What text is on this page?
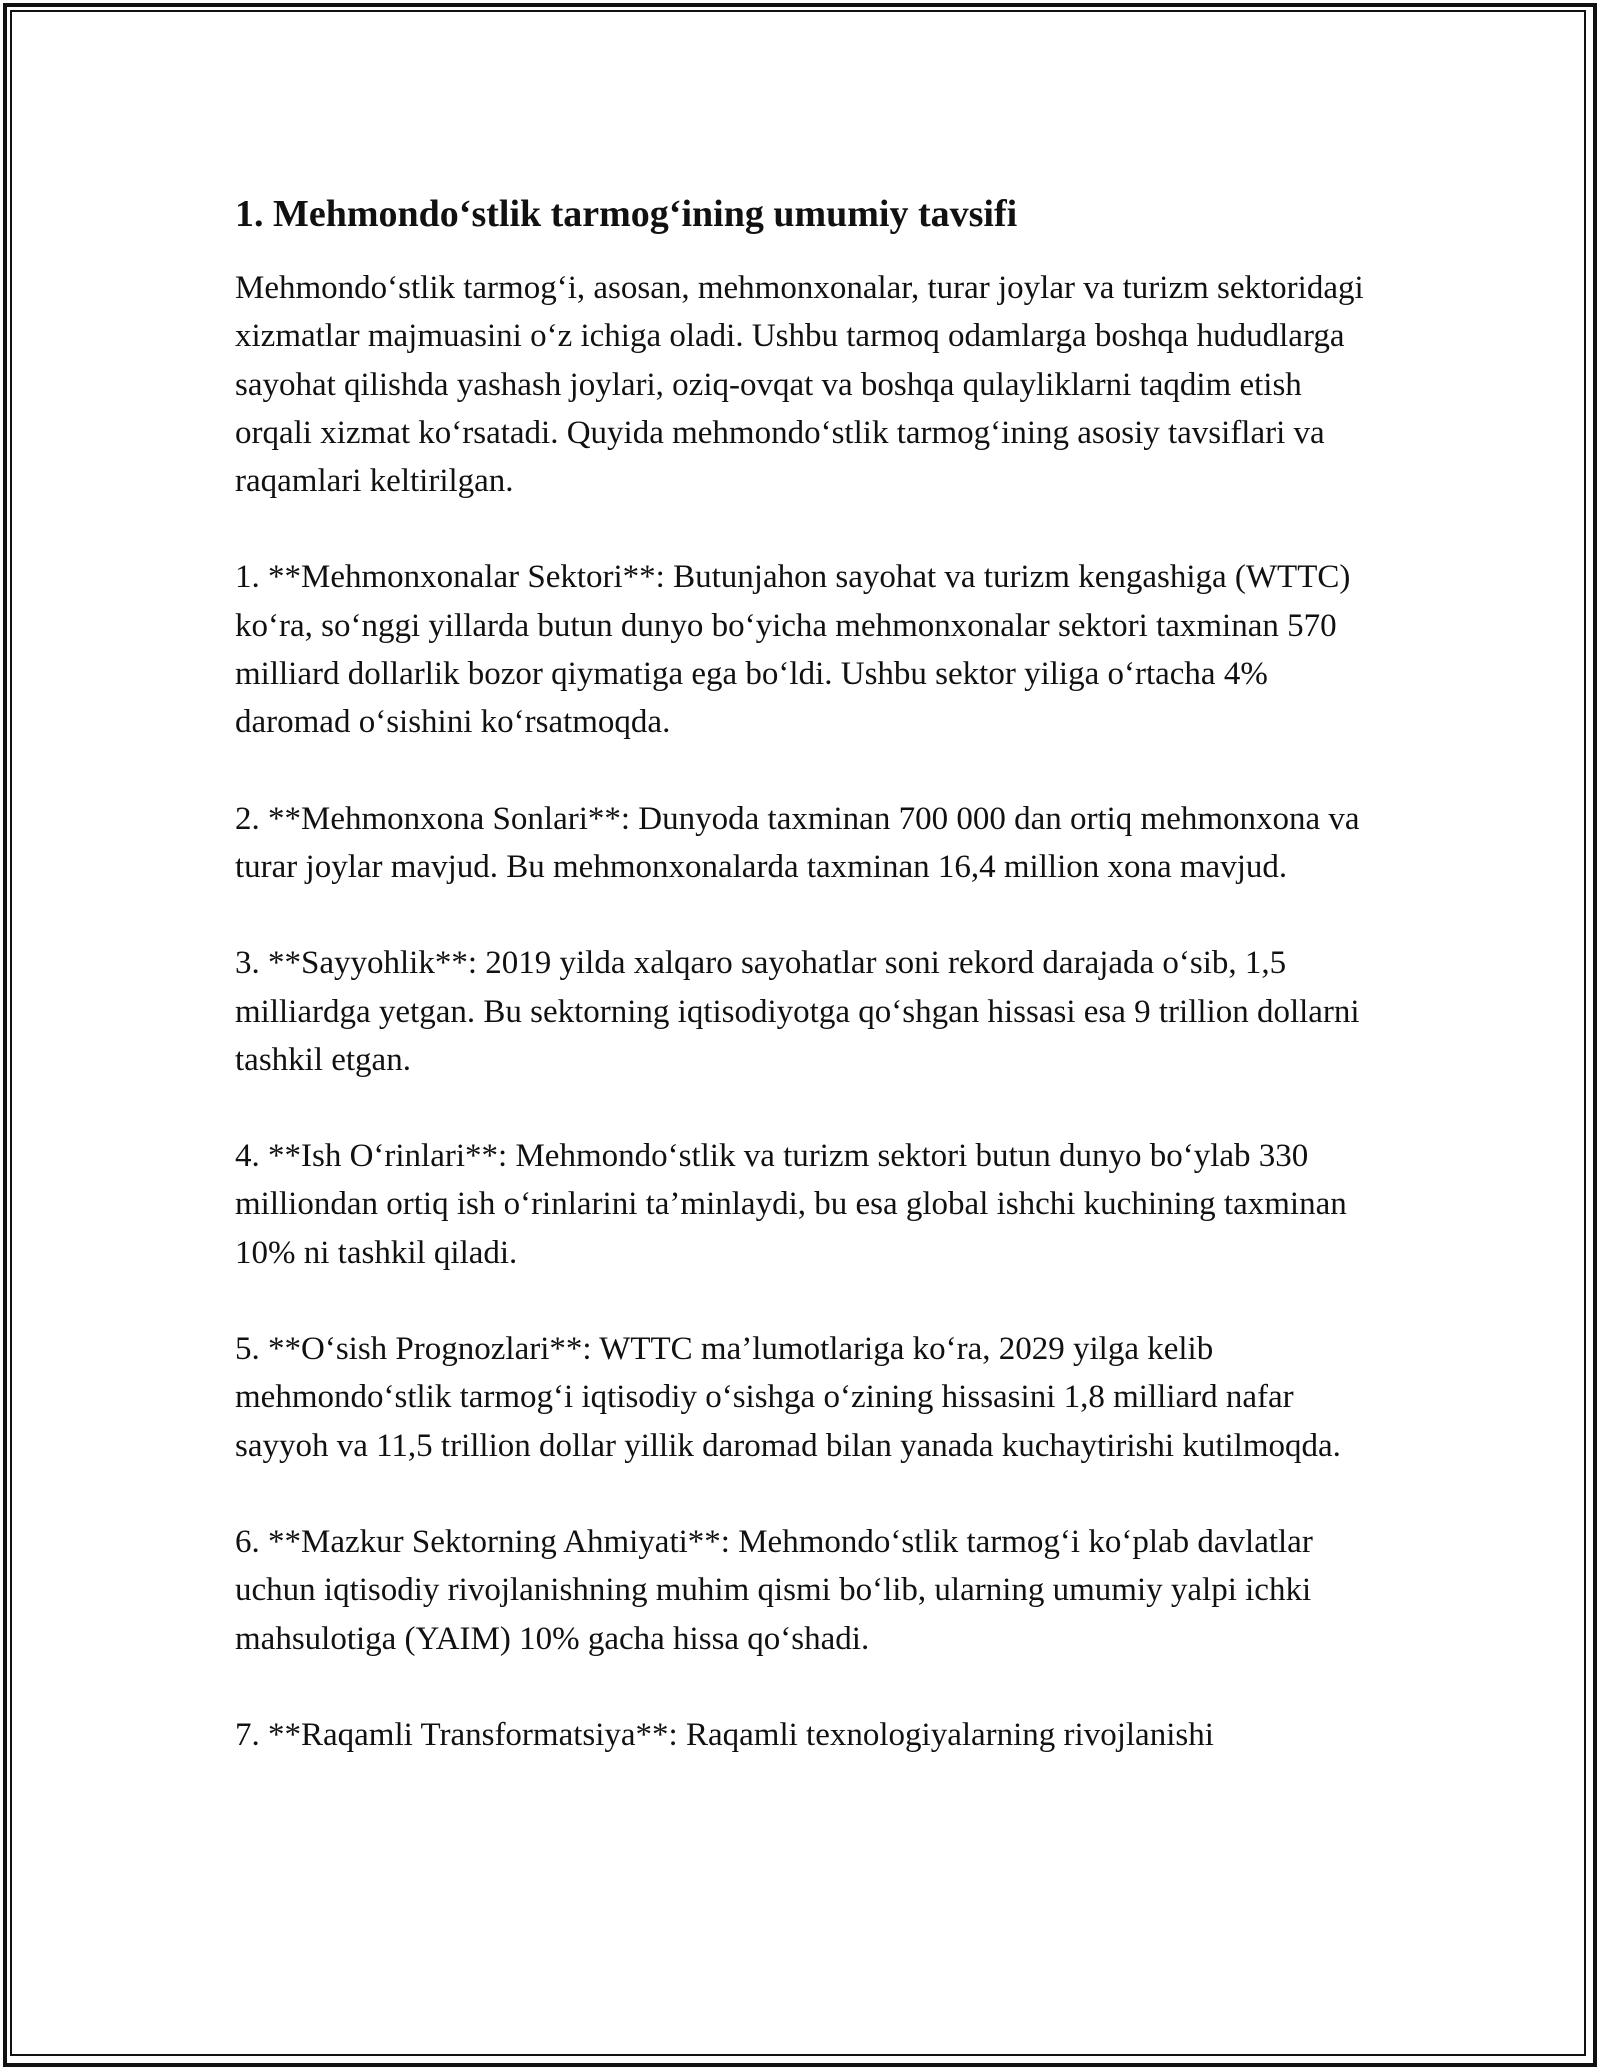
1. Mehmondo‘stlik tarmog‘ining umumiy tavsifi

Mehmondo‘stlik tarmog‘i, asosan, mehmonxonalar, turar joylar va turizm sektoridagi xizmatlar majmuasini o‘z ichiga oladi. Ushbu tarmoq odamlarga boshqa hududlarga sayohat qilishda yashash joylari, oziq-ovqat va boshqa qulayliklarni taqdim etish orqali xizmat ko‘rsatadi. Quyida mehmondo‘stlik tarmog‘ining asosiy tavsiflari va raqamlari keltirilgan.

1. **Mehmonxonalar Sektori**: Butunjahon sayohat va turizm kengashiga (WTTC) ko‘ra, so‘nggi yillarda butun dunyo bo‘yicha mehmonxonalar sektori taxminan 570 milliard dollarlik bozor qiymatiga ega bo‘ldi. Ushbu sektor yiliga o‘rtacha 4% daromad o‘sishini ko‘rsatmoqda.

2. **Mehmonxona Sonlari**: Dunyoda taxminan 700 000 dan ortiq mehmonxona va turar joylar mavjud. Bu mehmonxonalarda taxminan 16,4 million xona mavjud.

3. **Sayyohlik**: 2019 yilda xalqaro sayohatlar soni rekord darajada o‘sib, 1,5 milliardga yetgan. Bu sektorning iqtisodiyotga qo‘shgan hissasi esa 9 trillion dollarni tashkil etgan.

4. **Ish O‘rinlari**: Mehmondo‘stlik va turizm sektori butun dunyo bo‘ylab 330 milliondan ortiq ish o‘rinlarini ta’minlaydi, bu esa global ishchi kuchining taxminan 10% ni tashkil qiladi.

5. **O‘sish Prognozlari**: WTTC ma’lumotlariga ko‘ra, 2029 yilga kelib mehmondo‘stlik tarmog‘i iqtisodiy o‘sishga o‘zining hissasini 1,8 milliard nafar sayyoh va 11,5 trillion dollar yillik daromad bilan yanada kuchaytirishi kutilmoqda.

6. **Mazkur Sektorning Ahmiyati**: Mehmondo‘stlik tarmog‘i ko‘plab davlatlar uchun iqtisodiy rivojlanishning muhim qismi bo‘lib, ularning umumiy yalpi ichki mahsulotiga (YAIM) 10% gacha hissa qo‘shadi.

7. **Raqamli Transformatsiya**: Raqamli texnologiyalarning rivojlanishi
